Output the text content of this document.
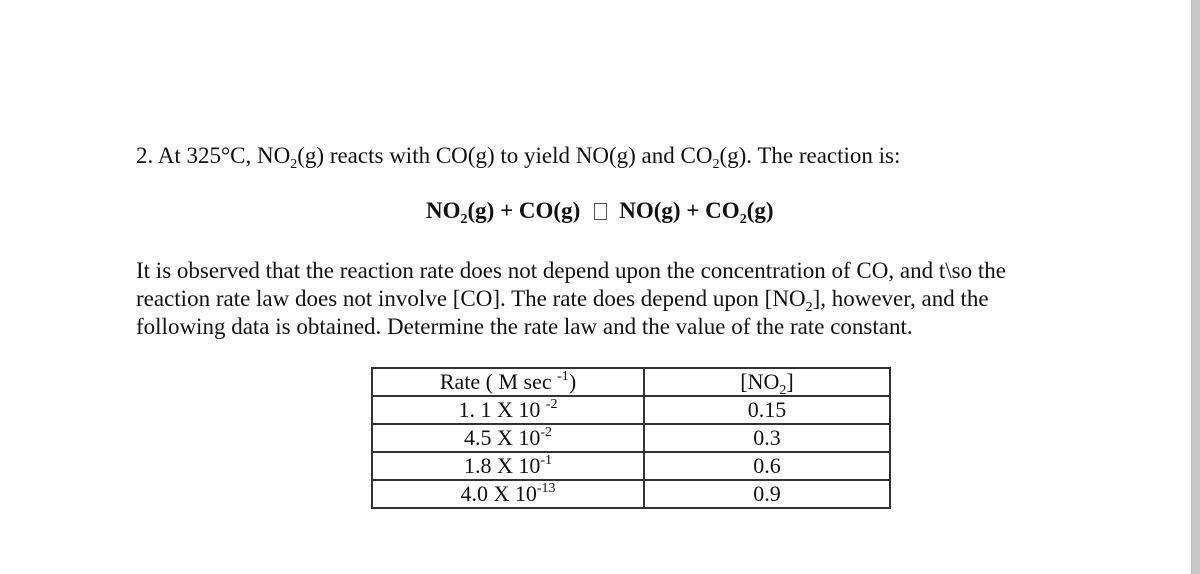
2. At 325°C, $NO_2(g)$ reacts with CO(g) to yield NO(g) and $CO_2(g)$. The reaction is:
$NO_2(g) + CO(g) NO(g) + CO_2(g)$
It is observed that the reaction rate does not depend upon the concentration of CO, and t\so the
reaction rate law does not involve [CO]. The rate does depend upon $[NO_2]$, however, and the
following data is obtained. Determine the rate law and the value of the rate constant.
Rate ( M sec $^{-1}$)	$[NO_2]$
1. 1 X 10 $^{-2}$	0.15
4.5 X $10^{-2}$	0.3
1.8 X $10^{-1}$	0.6
4.0 X $10^{-13}$	0.9
